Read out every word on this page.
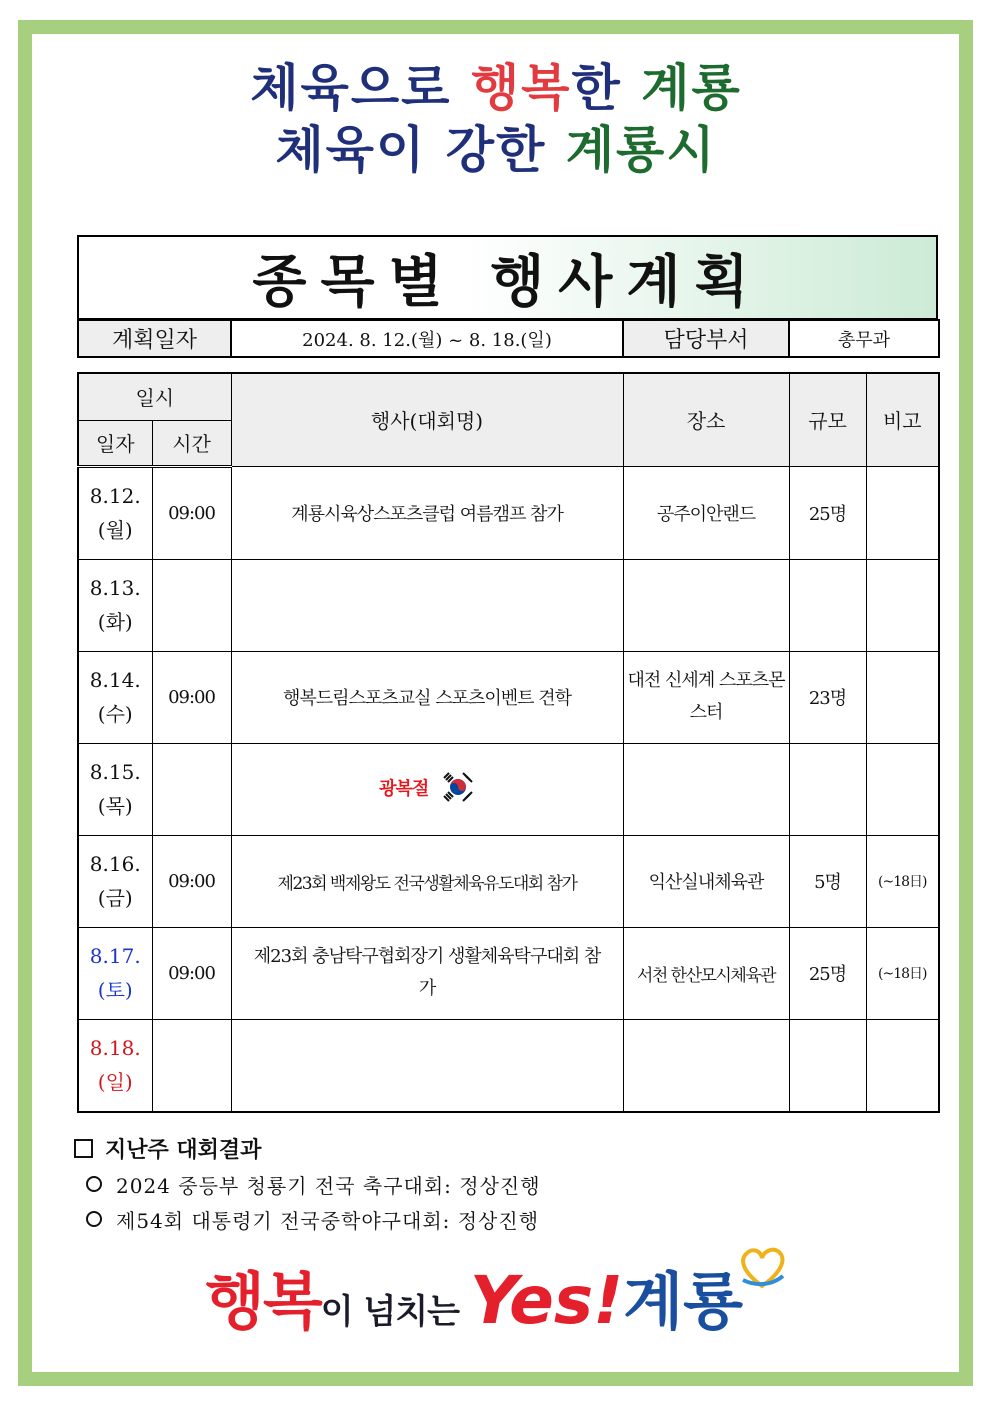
체육으로 행복한 계룡
체육이 강한 계룡시
종목별 행사계획
계획일자	2024. 8. 12.(월) ~ 8. 18.(일)	담당부서	총무과
일시		행사(대회명)	장소	규모	비고
일자	시간				
8.12.
(월)	09:00	계룡시육상스포츠클럽 여름캠프 참가	공주이안랜드	25명	
8.13.
(화)					
8.14.
(수)	09:00	행복드림스포츠교실 스포츠이벤트 견학	대전 신세계 스포츠몬스터	23명	
8.15.
(목)		광복절			
8.16.
(금)	09:00	제23회 백제왕도 전국생활체육유도대회 참가	익산실내체육관	5명	(~18日)
8.17.
(토)	09:00	제23회 충남탁구협회장기 생활체육탁구대회 참가	서천 한산모시체육관	25명	(~18日)
8.18.
(일)					
지난주 대회결과
2024 중등부 청룡기 전국 축구대회: 정상진행
제54회 대통령기 전국중학야구대회: 정상진행
행복이 넘치는 Yes!계룡
